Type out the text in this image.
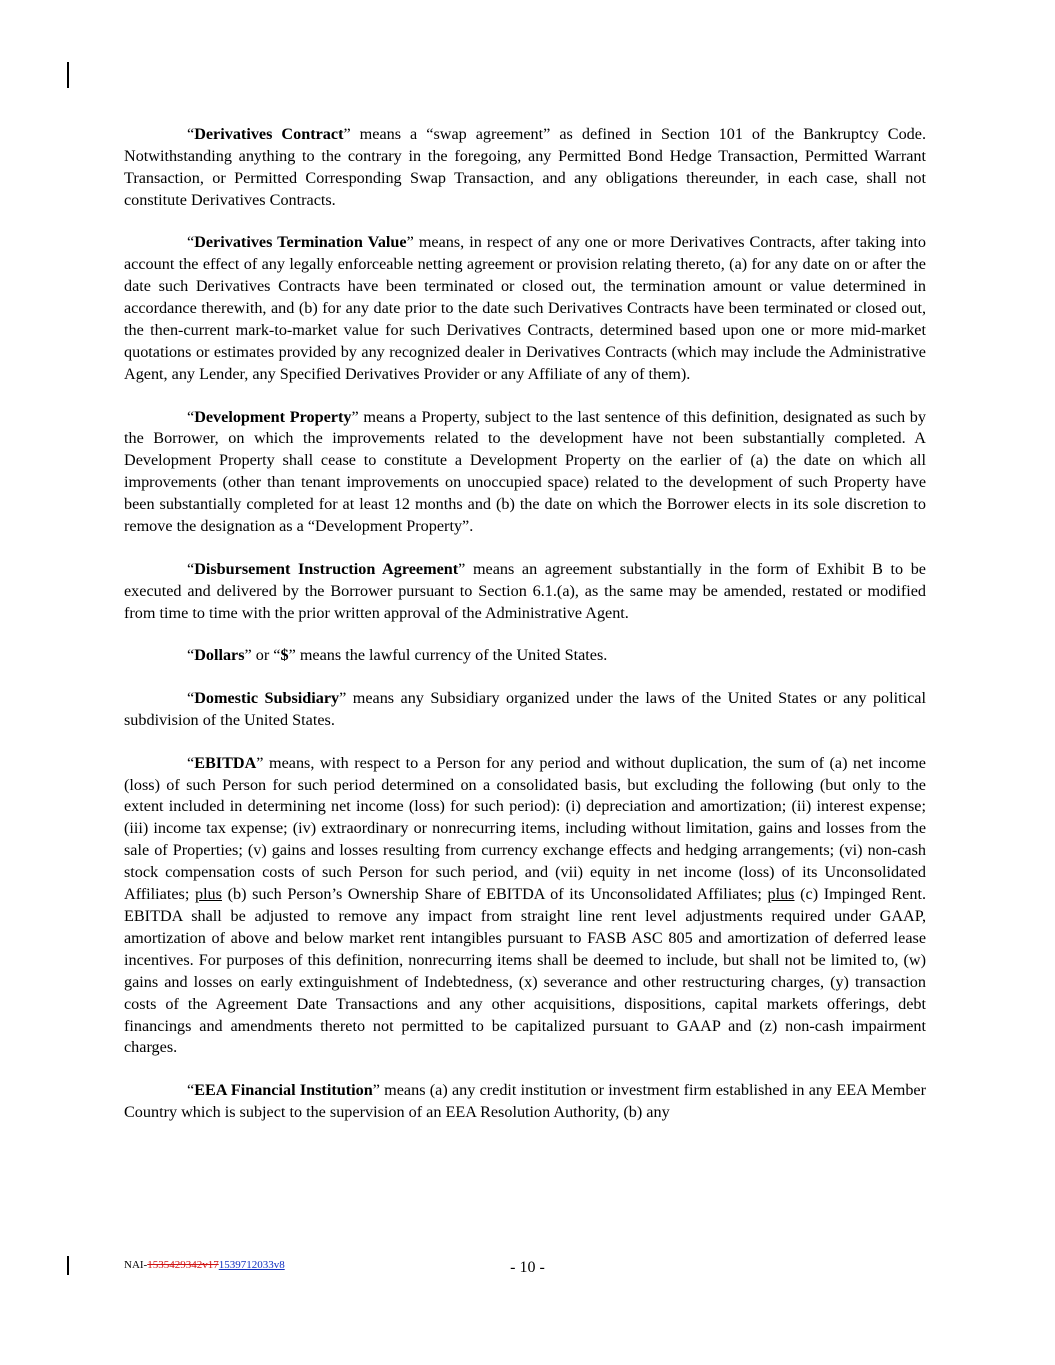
“Derivatives Contract” means a “swap agreement” as defined in Section 101 of the Bankruptcy Code. Notwithstanding anything to the contrary in the foregoing, any Permitted Bond Hedge Transaction, Permitted Warrant Transaction, or Permitted Corresponding Swap Transaction, and any obligations thereunder, in each case, shall not constitute Derivatives Contracts.

“Derivatives Termination Value” means, in respect of any one or more Derivatives Contracts, after taking into account the effect of any legally enforceable netting agreement or provision relating thereto, (a) for any date on or after the date such Derivatives Contracts have been terminated or closed out, the termination amount or value determined in accordance therewith, and (b) for any date prior to the date such Derivatives Contracts have been terminated or closed out, the then-current mark-to-market value for such Derivatives Contracts, determined based upon one or more mid-market quotations or estimates provided by any recognized dealer in Derivatives Contracts (which may include the Administrative Agent, any Lender, any Specified Derivatives Provider or any Affiliate of any of them).

“Development Property” means a Property, subject to the last sentence of this definition, designated as such by the Borrower, on which the improvements related to the development have not been substantially completed. A Development Property shall cease to constitute a Development Property on the earlier of (a) the date on which all improvements (other than tenant improvements on unoccupied space) related to the development of such Property have been substantially completed for at least 12 months and (b) the date on which the Borrower elects in its sole discretion to remove the designation as a “Development Property”.

“Disbursement Instruction Agreement” means an agreement substantially in the form of Exhibit B to be executed and delivered by the Borrower pursuant to Section 6.1.(a), as the same may be amended, restated or modified from time to time with the prior written approval of the Administrative Agent.

“Dollars” or “$” means the lawful currency of the United States.

“Domestic Subsidiary” means any Subsidiary organized under the laws of the United States or any political subdivision of the United States.

“EBITDA” means, with respect to a Person for any period and without duplication, the sum of (a) net income (loss) of such Person for such period determined on a consolidated basis, but excluding the following (but only to the extent included in determining net income (loss) for such period): (i) depreciation and amortization; (ii) interest expense; (iii) income tax expense; (iv) extraordinary or nonrecurring items, including without limitation, gains and losses from the sale of Properties; (v) gains and losses resulting from currency exchange effects and hedging arrangements; (vi) non-cash stock compensation costs of such Person for such period, and (vii) equity in net income (loss) of its Unconsolidated Affiliates; plus (b) such Person’s Ownership Share of EBITDA of its Unconsolidated Affiliates; plus (c) Impinged Rent. EBITDA shall be adjusted to remove any impact from straight line rent level adjustments required under GAAP, amortization of above and below market rent intangibles pursuant to FASB ASC 805 and amortization of deferred lease incentives. For purposes of this definition, nonrecurring items shall be deemed to include, but shall not be limited to, (w) gains and losses on early extinguishment of Indebtedness, (x) severance and other restructuring charges, (y) transaction costs of the Agreement Date Transactions and any other acquisitions, dispositions, capital markets offerings, debt financings and amendments thereto not permitted to be capitalized pursuant to GAAP and (z) non-cash impairment charges.

“EEA Financial Institution” means (a) any credit institution or investment firm established in any EEA Member Country which is subject to the supervision of an EEA Resolution Authority, (b) any

NAI-1535429342v171539712033v8	- 10 -
